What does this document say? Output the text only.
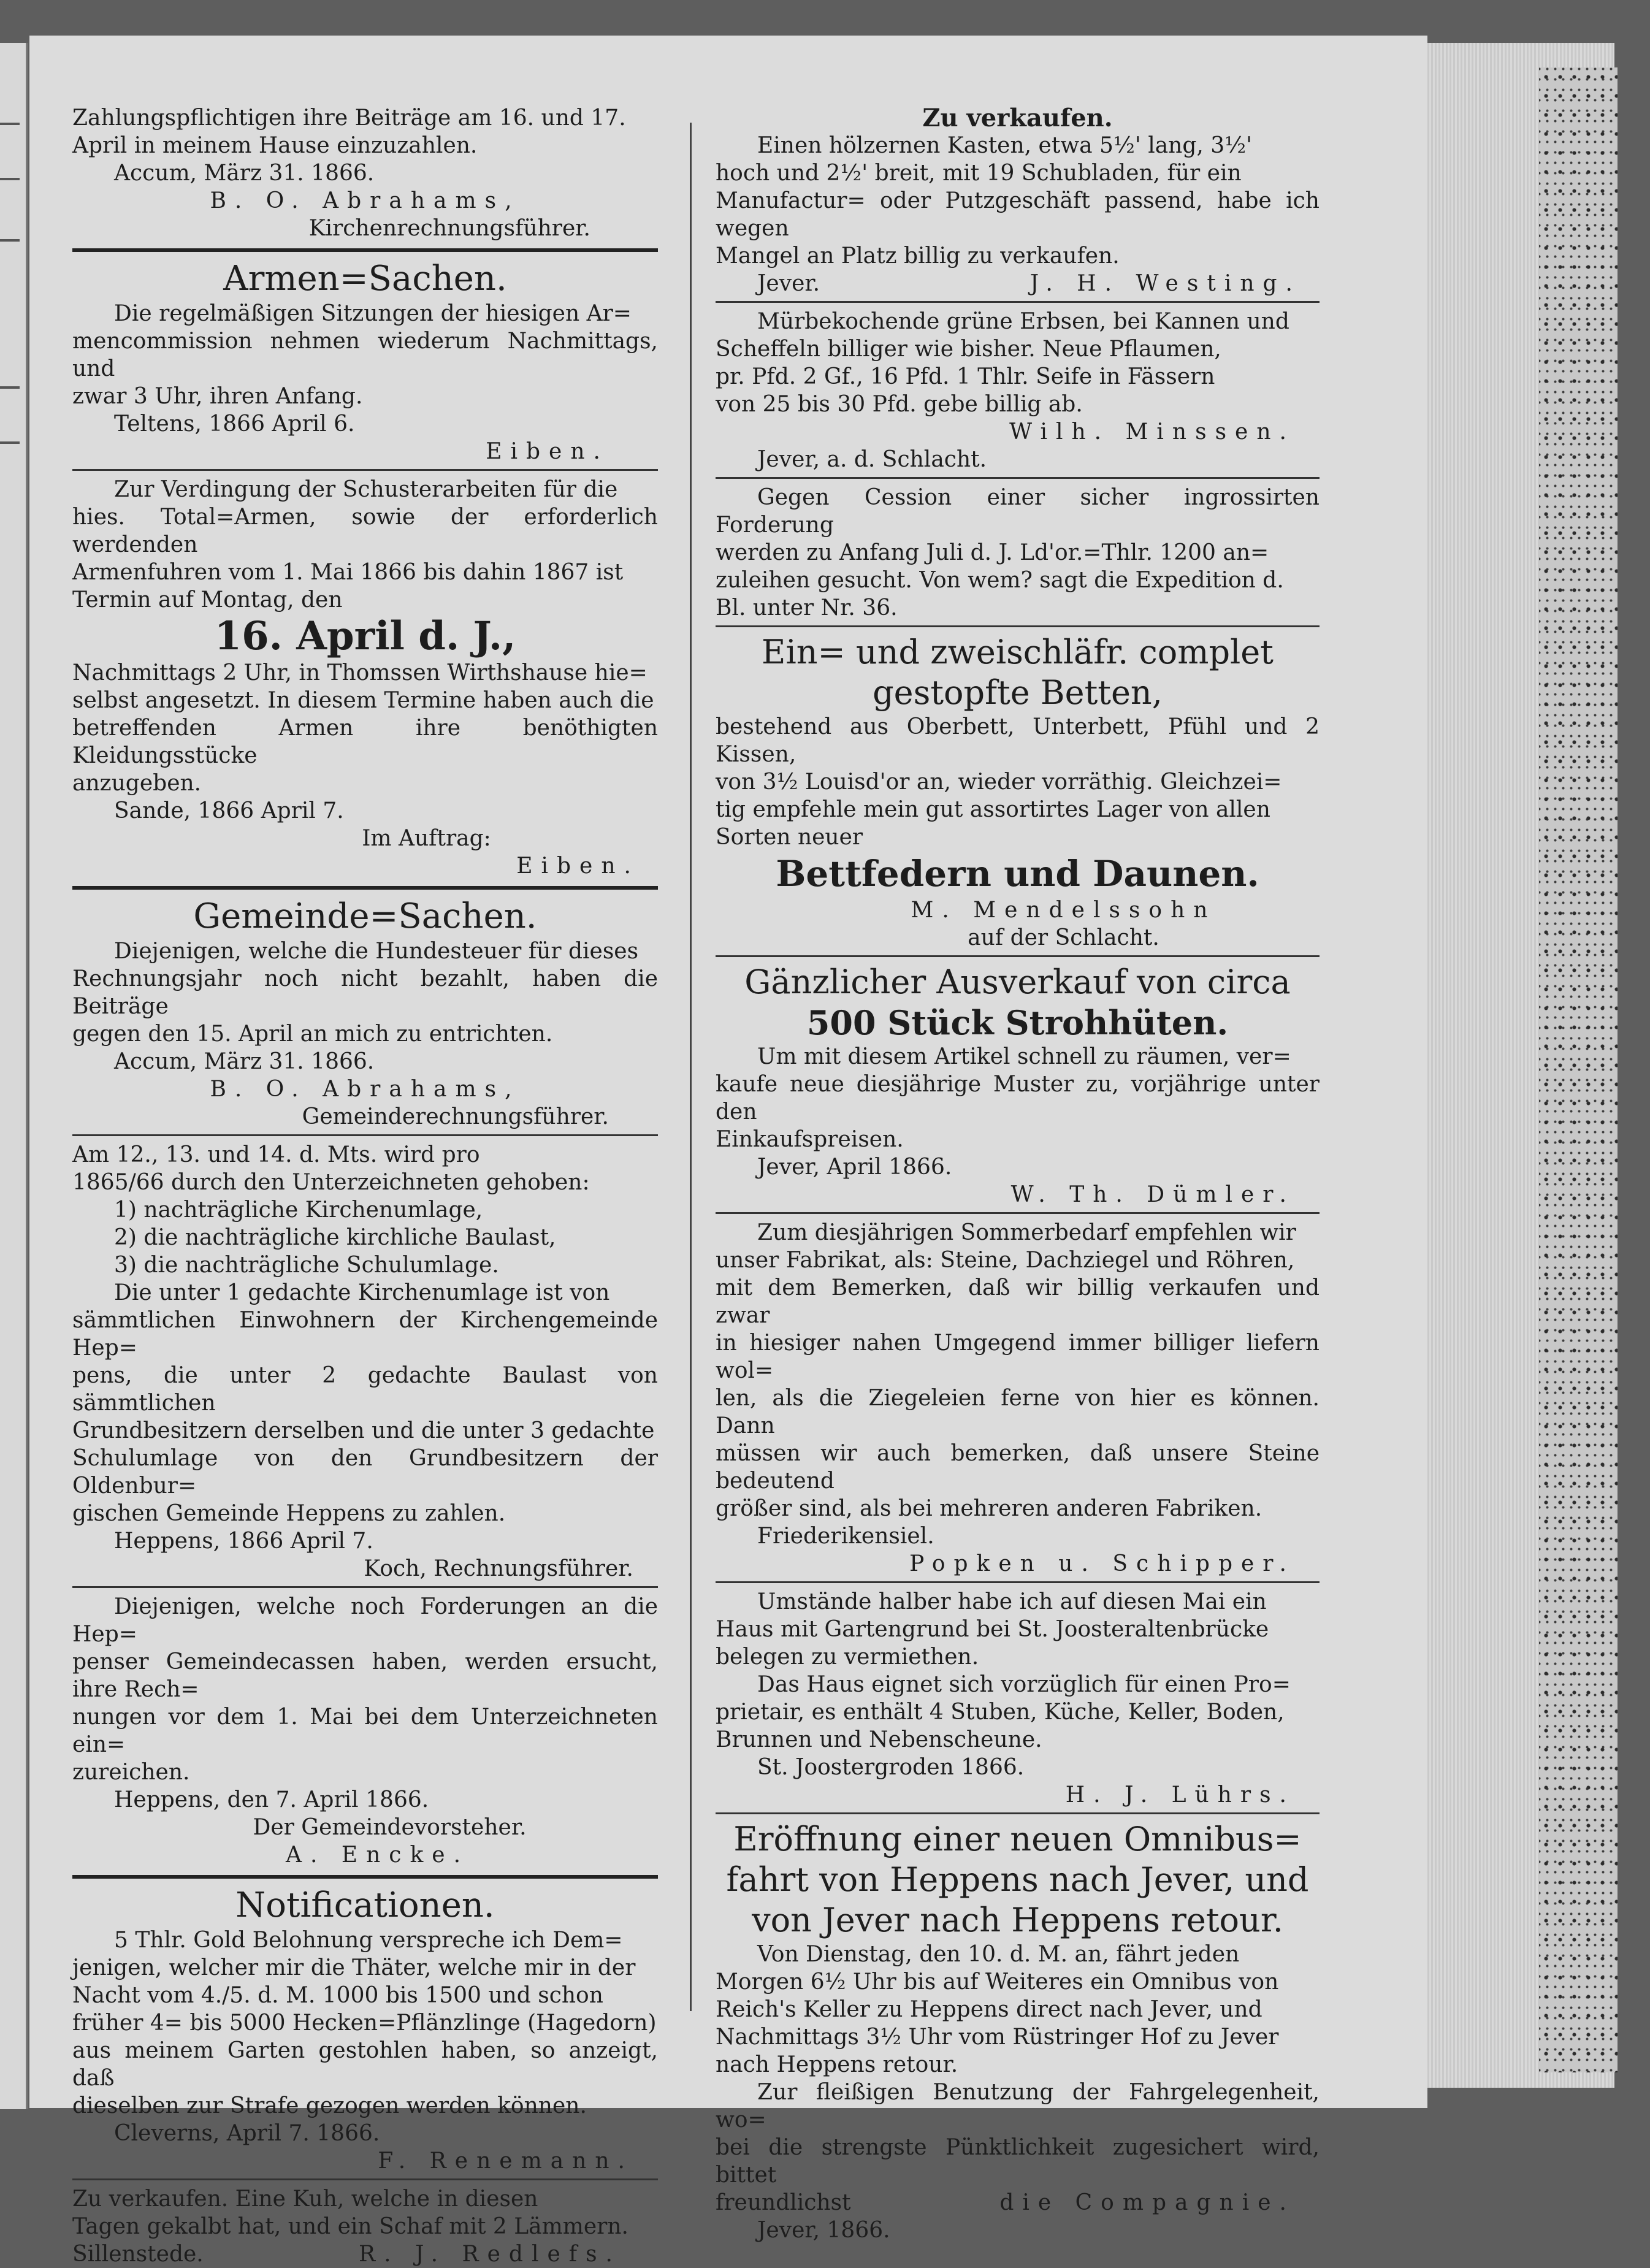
Zahlungspflichtigen ihre Beiträge am 16. und 17.

April in meinem Hause einzuzahlen.

Accum, März 31. 1866.

B. O. Abrahams,

Kirchenrechnungsführer.

Armen=Sachen.

Die regelmäßigen Sitzungen der hiesigen Ar=

mencommission nehmen wiederum Nachmittags, und

zwar 3 Uhr, ihren Anfang.

Teltens, 1866 April 6.

Eiben.

Zur Verdingung der Schusterarbeiten für die

hies. Total=Armen, sowie der erforderlich werdenden

Armenfuhren vom 1. Mai 1866 bis dahin 1867 ist

Termin auf Montag, den

16. April d. J.,

Nachmittags 2 Uhr, in Thomssen Wirthshause hie=

selbst angesetzt. In diesem Termine haben auch die

betreffenden Armen ihre benöthigten Kleidungsstücke

anzugeben.

Sande, 1866 April 7.

Im Auftrag:

Eiben.

Gemeinde=Sachen.

Diejenigen, welche die Hundesteuer für dieses

Rechnungsjahr noch nicht bezahlt, haben die Beiträge

gegen den 15. April an mich zu entrichten.

Accum, März 31. 1866.

B. O. Abrahams,

Gemeinderechnungsführer.

Am 12., 13. und 14. d. Mts. wird pro

1865/66 durch den Unterzeichneten gehoben:

1) nachträgliche Kirchenumlage,

2) die nachträgliche kirchliche Baulast,

3) die nachträgliche Schulumlage.

Die unter 1 gedachte Kirchenumlage ist von

sämmtlichen Einwohnern der Kirchengemeinde Hep=

pens, die unter 2 gedachte Baulast von sämmtlichen

Grundbesitzern derselben und die unter 3 gedachte

Schulumlage von den Grundbesitzern der Oldenbur=

gischen Gemeinde Heppens zu zahlen.

Heppens, 1866 April 7.

Koch, Rechnungsführer.

Diejenigen, welche noch Forderungen an die Hep=

penser Gemeindecassen haben, werden ersucht, ihre Rech=

nungen vor dem 1. Mai bei dem Unterzeichneten ein=

zureichen.

Heppens, den 7. April 1866.

Der Gemeindevorsteher.

A. Encke.

Notificationen.

5 Thlr. Gold Belohnung verspreche ich Dem=

jenigen, welcher mir die Thäter, welche mir in der

Nacht vom 4./5. d. M. 1000 bis 1500 und schon

früher 4= bis 5000 Hecken=Pflänzlinge (Hagedorn)

aus meinem Garten gestohlen haben, so anzeigt, daß

dieselben zur Strafe gezogen werden können.

Cleverns, April 7. 1866.

F. Renemann.

Zu verkaufen. Eine Kuh, welche in diesen

Tagen gekalbt hat, und ein Schaf mit 2 Lämmern.

Sillenstede.	R. J. Redlefs.

Zu verkaufen.

Einen hölzernen Kasten, etwa 5½' lang, 3½'

hoch und 2½' breit, mit 19 Schubladen, für ein

Manufactur= oder Putzgeschäft passend, habe ich wegen

Mangel an Platz billig zu verkaufen.

Jever.	J. H. Westing.

Mürbekochende grüne Erbsen, bei Kannen und

Scheffeln billiger wie bisher. Neue Pflaumen,

pr. Pfd. 2 Gf., 16 Pfd. 1 Thlr. Seife in Fässern

von 25 bis 30 Pfd. gebe billig ab.

Wilh. Minssen.

Jever, a. d. Schlacht.

Gegen Cession einer sicher ingrossirten Forderung

werden zu Anfang Juli d. J. Ld'or.=Thlr. 1200 an=

zuleihen gesucht. Von wem? sagt die Expedition d.

Bl. unter Nr. 36.

Ein= und zweischläfr. complet

gestopfte Betten,

bestehend aus Oberbett, Unterbett, Pfühl und 2 Kissen,

von 3½ Louisd'or an, wieder vorräthig. Gleichzei=

tig empfehle mein gut assortirtes Lager von allen

Sorten neuer

Bettfedern und Daunen.

M. Mendelssohn

auf der Schlacht.

Gänzlicher Ausverkauf von circa

500 Stück Strohhüten.

Um mit diesem Artikel schnell zu räumen, ver=

kaufe neue diesjährige Muster zu, vorjährige unter den

Einkaufspreisen.

Jever, April 1866.

W. Th. Dümler.

Zum diesjährigen Sommerbedarf empfehlen wir

unser Fabrikat, als: Steine, Dachziegel und Röhren,

mit dem Bemerken, daß wir billig verkaufen und zwar

in hiesiger nahen Umgegend immer billiger liefern wol=

len, als die Ziegeleien ferne von hier es können. Dann

müssen wir auch bemerken, daß unsere Steine bedeutend

größer sind, als bei mehreren anderen Fabriken.

Friederikensiel.

Popken u. Schipper.

Umstände halber habe ich auf diesen Mai ein

Haus mit Gartengrund bei St. Joosteraltenbrücke

belegen zu vermiethen.

Das Haus eignet sich vorzüglich für einen Pro=

prietair, es enthält 4 Stuben, Küche, Keller, Boden,

Brunnen und Nebenscheune.

St. Joostergroden 1866.

H. J. Lührs.

Eröffnung einer neuen Omnibus=

fahrt von Heppens nach Jever, und

von Jever nach Heppens retour.

Von Dienstag, den 10. d. M. an, fährt jeden

Morgen 6½ Uhr bis auf Weiteres ein Omnibus von

Reich's Keller zu Heppens direct nach Jever, und

Nachmittags 3½ Uhr vom Rüstringer Hof zu Jever

nach Heppens retour.

Zur fleißigen Benutzung der Fahrgelegenheit, wo=

bei die strengste Pünktlichkeit zugesichert wird, bittet

freundlichst	die Compagnie.

Jever, 1866.
